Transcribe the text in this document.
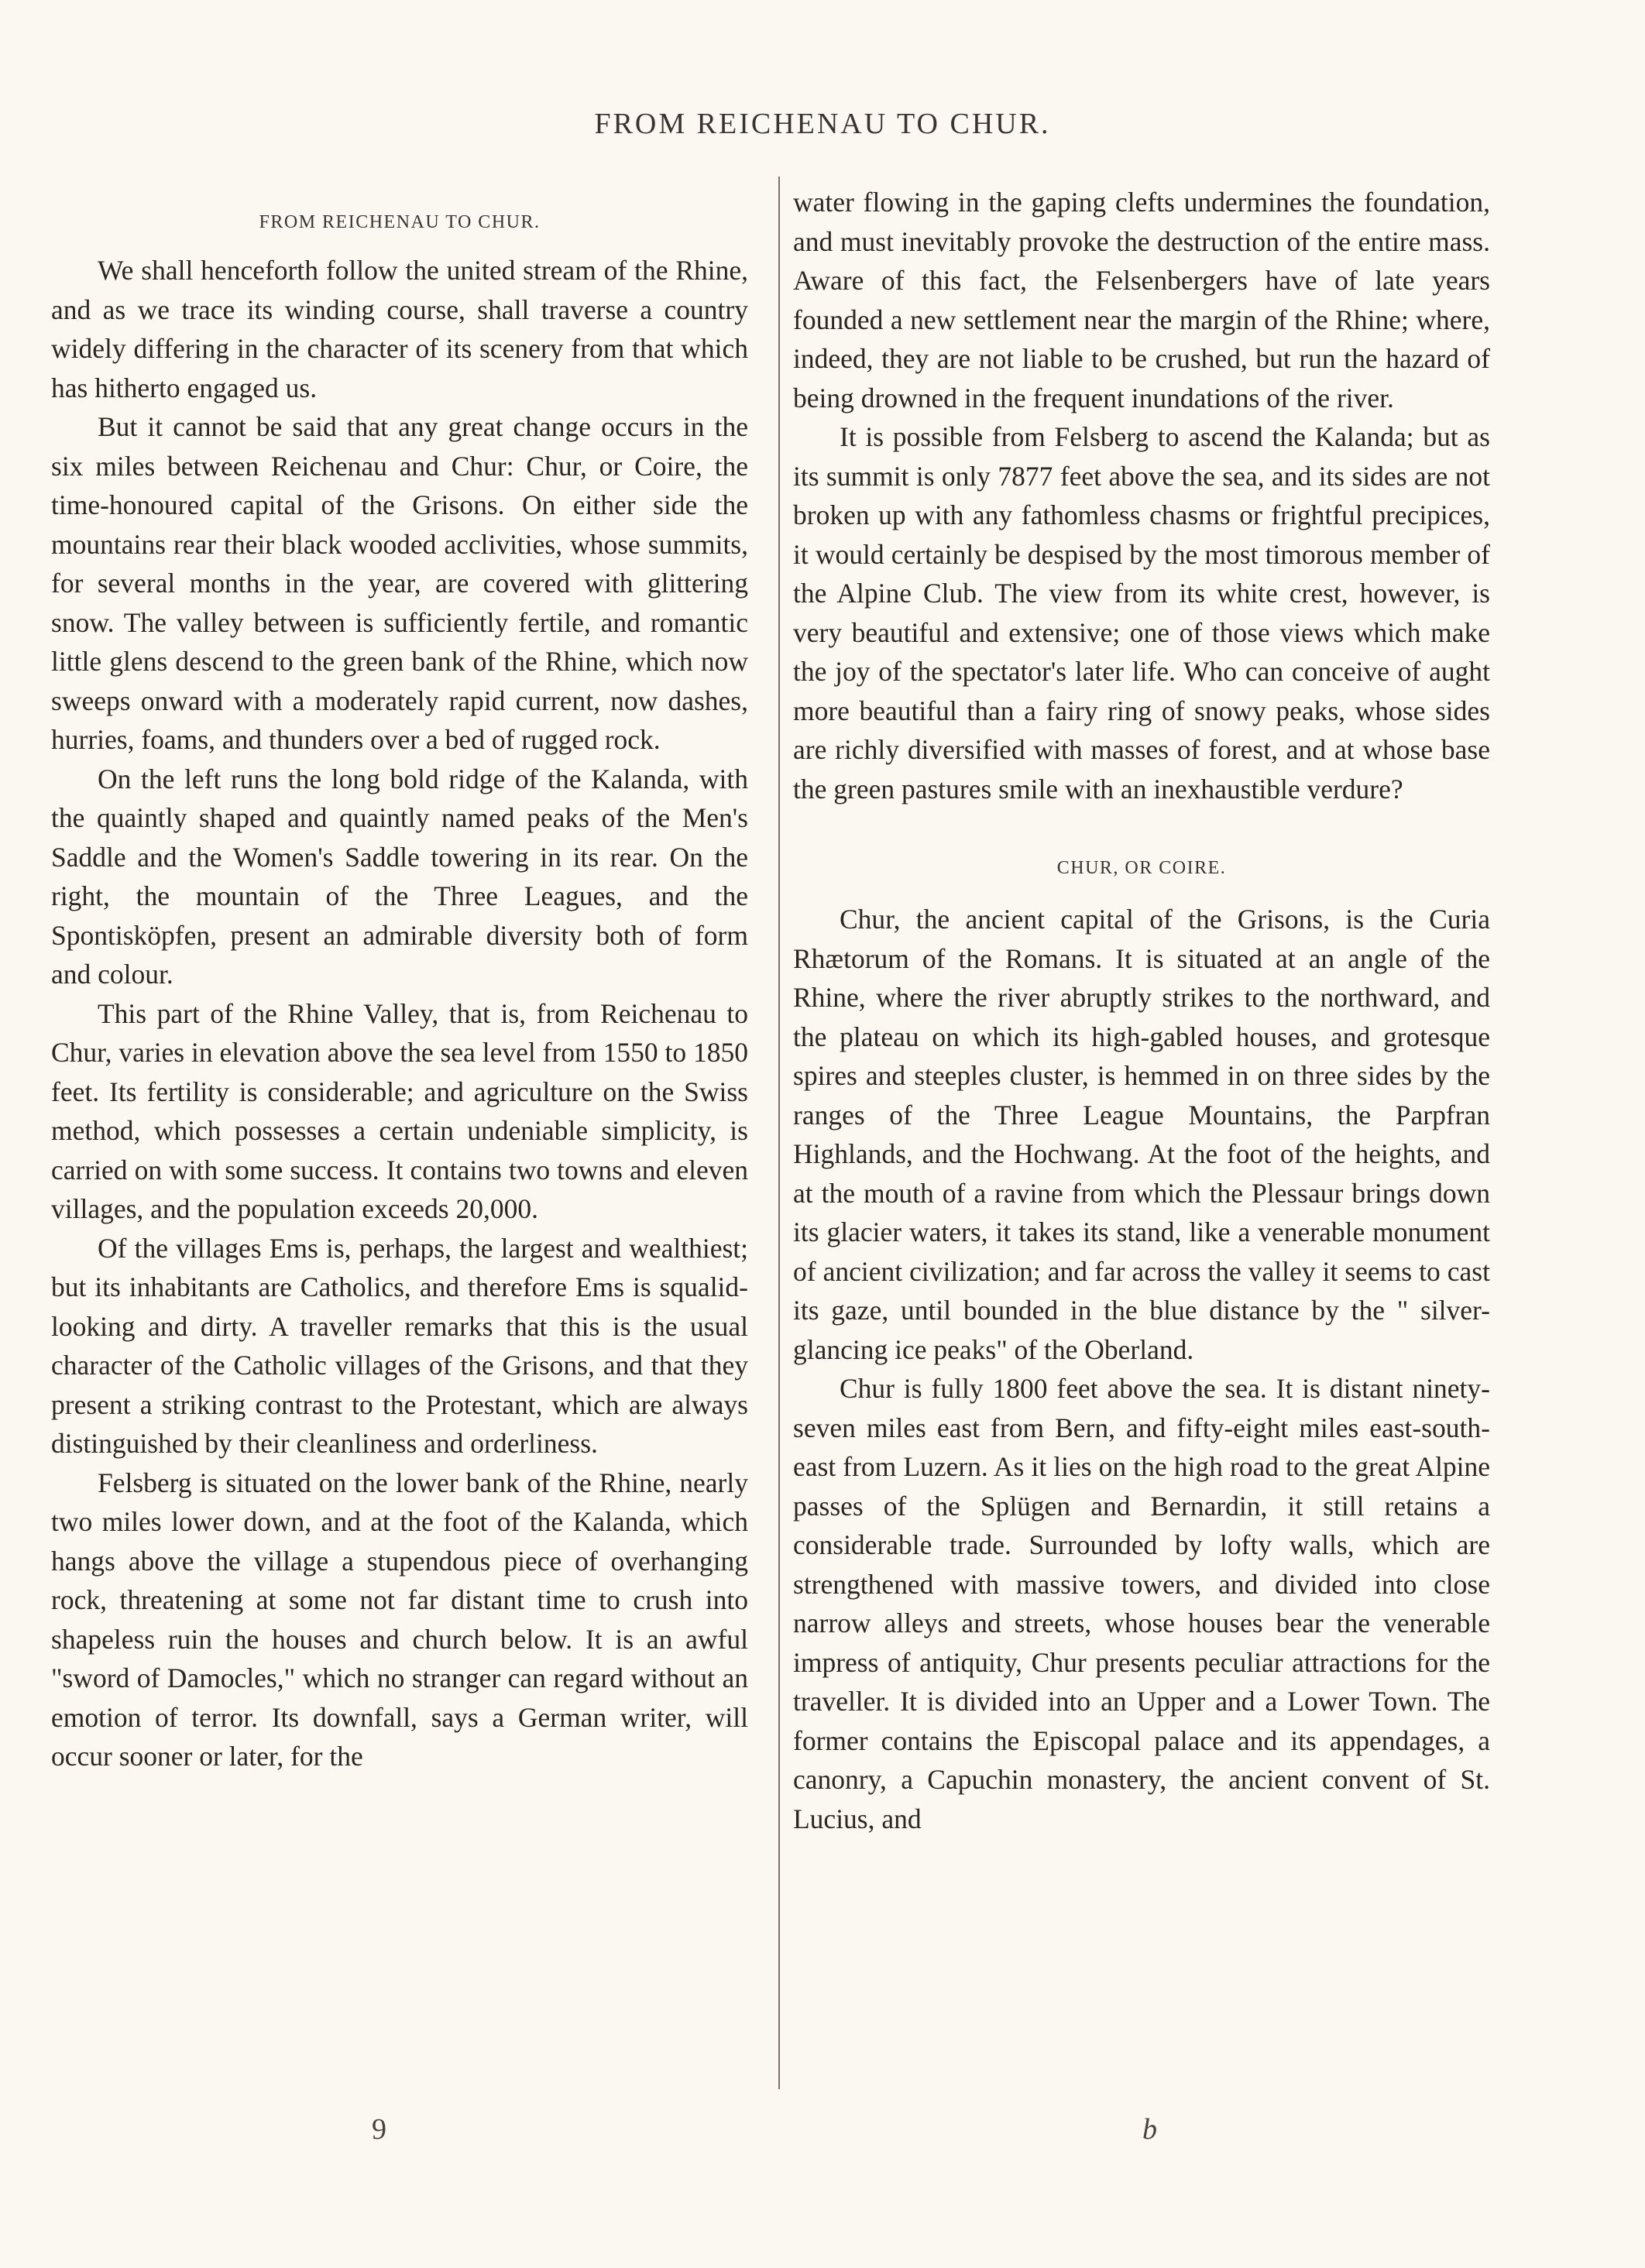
FROM REICHENAU TO CHUR.
FROM REICHENAU TO CHUR.

We shall henceforth follow the united stream of the Rhine, and as we trace its winding course, shall traverse a country widely differing in the character of its scenery from that which has hitherto engaged us.

But it cannot be said that any great change occurs in the six miles between Reichenau and Chur: Chur, or Coire, the time-honoured capital of the Grisons. On either side the mountains rear their black wooded acclivities, whose summits, for several months in the year, are covered with glittering snow. The valley between is sufficiently fertile, and romantic little glens descend to the green bank of the Rhine, which now sweeps onward with a moderately rapid current, now dashes, hurries, foams, and thunders over a bed of rugged rock.

On the left runs the long bold ridge of the Kalanda, with the quaintly shaped and quaintly named peaks of the Men's Saddle and the Women's Saddle towering in its rear. On the right, the mountain of the Three Leagues, and the Spontisköpfen, present an admirable diversity both of form and colour.

This part of the Rhine Valley, that is, from Reichenau to Chur, varies in elevation above the sea level from 1550 to 1850 feet. Its fertility is considerable; and agriculture on the Swiss method, which possesses a certain undeniable simplicity, is carried on with some success. It contains two towns and eleven villages, and the population exceeds 20,000.

Of the villages Ems is, perhaps, the largest and wealthiest; but its inhabitants are Catholics, and therefore Ems is squalid-looking and dirty. A traveller remarks that this is the usual character of the Catholic villages of the Grisons, and that they present a striking contrast to the Protestant, which are always distinguished by their cleanliness and orderliness.

Felsberg is situated on the lower bank of the Rhine, nearly two miles lower down, and at the foot of the Kalanda, which hangs above the village a stupendous piece of overhanging rock, threatening at some not far distant time to crush into shapeless ruin the houses and church below. It is an awful "sword of Damocles," which no stranger can regard without an emotion of terror. Its downfall, says a German writer, will occur sooner or later, for the

water flowing in the gaping clefts undermines the foundation, and must inevitably provoke the destruction of the entire mass. Aware of this fact, the Felsenbergers have of late years founded a new settlement near the margin of the Rhine; where, indeed, they are not liable to be crushed, but run the hazard of being drowned in the frequent inundations of the river.

It is possible from Felsberg to ascend the Kalanda; but as its summit is only 7877 feet above the sea, and its sides are not broken up with any fathomless chasms or frightful precipices, it would certainly be despised by the most timorous member of the Alpine Club. The view from its white crest, however, is very beautiful and extensive; one of those views which make the joy of the spectator's later life. Who can conceive of aught more beautiful than a fairy ring of snowy peaks, whose sides are richly diversified with masses of forest, and at whose base the green pastures smile with an inexhaustible verdure?

CHUR, OR COIRE.

Chur, the ancient capital of the Grisons, is the Curia Rhætorum of the Romans. It is situated at an angle of the Rhine, where the river abruptly strikes to the northward, and the plateau on which its high-gabled houses, and grotesque spires and steeples cluster, is hemmed in on three sides by the ranges of the Three League Mountains, the Parpfran Highlands, and the Hochwang. At the foot of the heights, and at the mouth of a ravine from which the Plessaur brings down its glacier waters, it takes its stand, like a venerable monument of ancient civilization; and far across the valley it seems to cast its gaze, until bounded in the blue distance by the " silver-glancing ice peaks" of the Oberland.

Chur is fully 1800 feet above the sea. It is distant ninety-seven miles east from Bern, and fifty-eight miles east-south-east from Luzern. As it lies on the high road to the great Alpine passes of the Splügen and Bernardin, it still retains a considerable trade. Surrounded by lofty walls, which are strengthened with massive towers, and divided into close narrow alleys and streets, whose houses bear the venerable impress of antiquity, Chur presents peculiar attractions for the traveller. It is divided into an Upper and a Lower Town. The former contains the Episcopal palace and its appendages, a canonry, a Capuchin monastery, the ancient convent of St. Lucius, and

9	b
